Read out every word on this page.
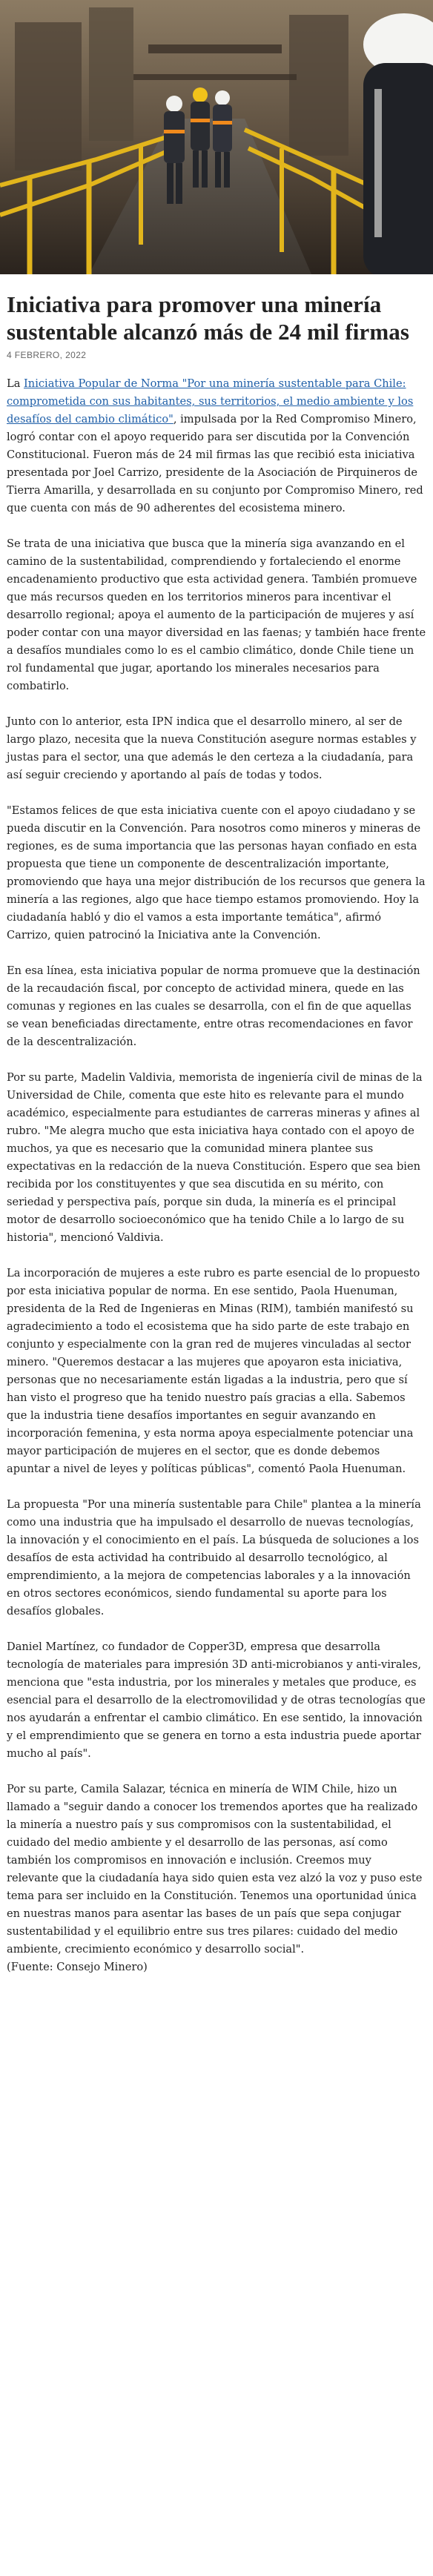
Iniciativa para promover una minería sustentable alcanzó más de 24 mil firmas
4 FEBRERO, 2022

La Iniciativa Popular de Norma "Por una minería sustentable para Chile: comprometida con sus habitantes, sus territorios, el medio ambiente y los desafíos del cambio climático", impulsada por la Red Compromiso Minero, logró contar con el apoyo requerido para ser discutida por la Convención Constitucional. Fueron más de 24 mil firmas las que recibió esta iniciativa presentada por Joel Carrizo, presidente de la Asociación de Pirquineros de Tierra Amarilla, y desarrollada en su conjunto por Compromiso Minero, red que cuenta con más de 90 adherentes del ecosistema minero.

Se trata de una iniciativa que busca que la minería siga avanzando en el camino de la sustentabilidad, comprendiendo y fortaleciendo el enorme encadenamiento productivo que esta actividad genera. También promueve que más recursos queden en los territorios mineros para incentivar el desarrollo regional; apoya el aumento de la participación de mujeres y así poder contar con una mayor diversidad en las faenas; y también hace frente a desafíos mundiales como lo es el cambio climático, donde Chile tiene un rol fundamental que jugar, aportando los minerales necesarios para combatirlo.

Junto con lo anterior, esta IPN indica que el desarrollo minero, al ser de largo plazo, necesita que la nueva Constitución asegure normas estables y justas para el sector, una que además le den certeza a la ciudadanía, para así seguir creciendo y aportando al país de todas y todos.

"Estamos felices de que esta iniciativa cuente con el apoyo ciudadano y se pueda discutir en la Convención. Para nosotros como mineros y mineras de regiones, es de suma importancia que las personas hayan confiado en esta propuesta que tiene un componente de descentralización importante, promoviendo que haya una mejor distribución de los recursos que genera la minería a las regiones, algo que hace tiempo estamos promoviendo. Hoy la ciudadanía habló y dio el vamos a esta importante temática", afirmó Carrizo, quien patrocinó la Iniciativa ante la Convención.

En esa línea, esta iniciativa popular de norma promueve que la destinación de la recaudación fiscal, por concepto de actividad minera, quede en las comunas y regiones en las cuales se desarrolla, con el fin de que aquellas se vean beneficiadas directamente, entre otras recomendaciones en favor de la descentralización.

Por su parte, Madelin Valdivia, memorista de ingeniería civil de minas de la Universidad de Chile, comenta que este hito es relevante para el mundo académico, especialmente para estudiantes de carreras mineras y afines al rubro. "Me alegra mucho que esta iniciativa haya contado con el apoyo de muchos, ya que es necesario que la comunidad minera plantee sus expectativas en la redacción de la nueva Constitución. Espero que sea bien recibida por los constituyentes y que sea discutida en su mérito, con seriedad y perspectiva país, porque sin duda, la minería es el principal motor de desarrollo socioeconómico que ha tenido Chile a lo largo de su historia", mencionó Valdivia.

La incorporación de mujeres a este rubro es parte esencial de lo propuesto por esta iniciativa popular de norma. En ese sentido, Paola Huenuman, presidenta de la Red de Ingenieras en Minas (RIM), también manifestó su agradecimiento a todo el ecosistema que ha sido parte de este trabajo en conjunto y especialmente con la gran red de mujeres vinculadas al sector minero. "Queremos destacar a las mujeres que apoyaron esta iniciativa, personas que no necesariamente están ligadas a la industria, pero que sí han visto el progreso que ha tenido nuestro país gracias a ella. Sabemos que la industria tiene desafíos importantes en seguir avanzando en incorporación femenina, y esta norma apoya especialmente potenciar una mayor participación de mujeres en el sector, que es donde debemos apuntar a nivel de leyes y políticas públicas", comentó Paola Huenuman.

La propuesta "Por una minería sustentable para Chile" plantea a la minería como una industria que ha impulsado el desarrollo de nuevas tecnologías, la innovación y el conocimiento en el país. La búsqueda de soluciones a los desafíos de esta actividad ha contribuido al desarrollo tecnológico, al emprendimiento, a la mejora de competencias laborales y a la innovación en otros sectores económicos, siendo fundamental su aporte para los desafíos globales.

Daniel Martínez, co fundador de Copper3D, empresa que desarrolla tecnología de materiales para impresión 3D anti-microbianos y anti-virales, menciona que "esta industria, por los minerales y metales que produce, es esencial para el desarrollo de la electromovilidad y de otras tecnologías que nos ayudarán a enfrentar el cambio climático. En ese sentido, la innovación y el emprendimiento que se genera en torno a esta industria puede aportar mucho al país".

Por su parte, Camila Salazar, técnica en minería de WIM Chile, hizo un llamado a "seguir dando a conocer los tremendos aportes que ha realizado la minería a nuestro país y sus compromisos con la sustentabilidad, el cuidado del medio ambiente y el desarrollo de las personas, así como también los compromisos en innovación e inclusión. Creemos muy relevante que la ciudadanía haya sido quien esta vez alzó la voz y puso este tema para ser incluido en la Constitución. Tenemos una oportunidad única en nuestras manos para asentar las bases de un país que sepa conjugar sustentabilidad y el equilibrio entre sus tres pilares: cuidado del medio ambiente, crecimiento económico y desarrollo social".

(Fuente: Consejo Minero)
